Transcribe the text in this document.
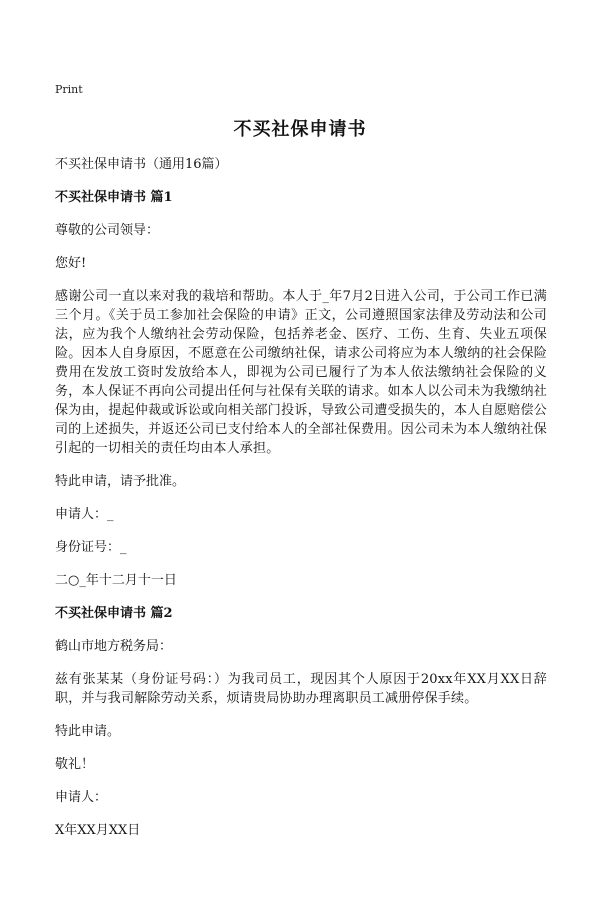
Print
不买社保申请书

不买社保申请书（通用16篇）

不买社保申请书 篇1

尊敬的公司领导：

您好!

感谢公司一直以来对我的栽培和帮助。本人于_年7月2日进入公司，于公司工作已满三个月。《关于员工参加社会保险的申请》正文，公司遵照国家法律及劳动法和公司法，应为我个人缴纳社会劳动保险，包括养老金、医疗、工伤、生育、失业五项保险。因本人自身原因，不愿意在公司缴纳社保，请求公司将应为本人缴纳的社会保险费用在发放工资时发放给本人，即视为公司已履行了为本人依法缴纳社会保险的义务，本人保证不再向公司提出任何与社保有关联的请求。如本人以公司未为我缴纳社保为由，提起仲裁或诉讼或向相关部门投诉，导致公司遭受损失的，本人自愿赔偿公司的上述损失，并返还公司已支付给本人的全部社保费用。因公司未为本人缴纳社保引起的一切相关的责任均由本人承担。

特此申请，请予批准。

申请人：_

身份证号：_

二○_年十二月十一日

不买社保申请书 篇2

鹤山市地方税务局：

兹有张某某（身份证号码：）为我司员工，现因其个人原因于20xx年XX月XX日辞职，并与我司解除劳动关系，烦请贵局协助办理离职员工减册停保手续。

特此申请。

敬礼！

申请人：

X年XX月XX日
